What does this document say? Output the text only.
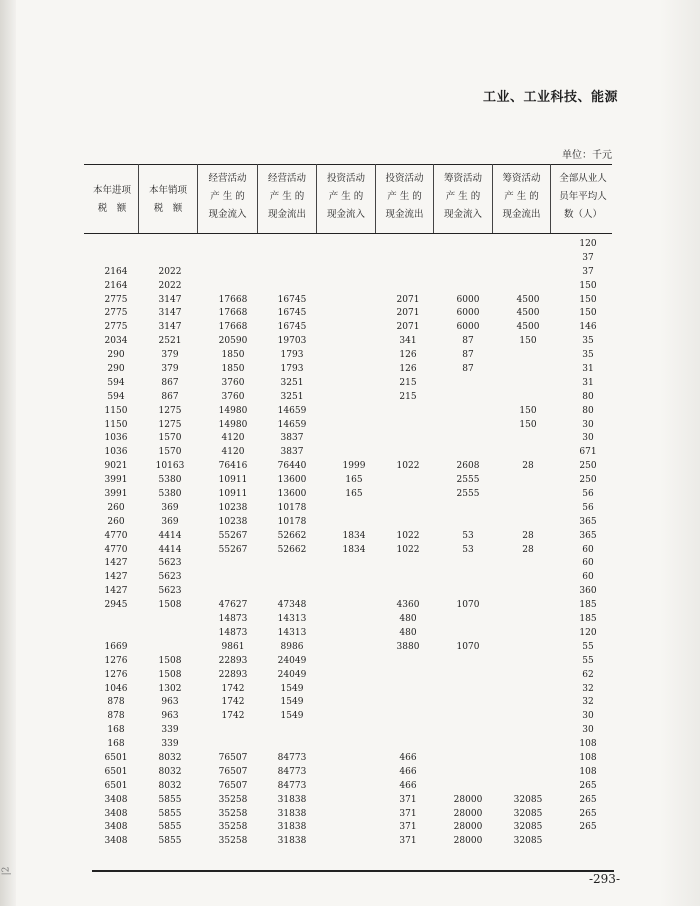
|2
工业、工业科技、能源
单位：千元
本年进项
税　额
本年销项
税　额
经营活动
产 生 的
现金流入
经营活动
产 生 的
现金流出
投资活动
产 生 的
现金流入
投资活动
产 生 的
现金流出
筹资活动
产 生 的
现金流入
筹资活动
产 生 的
现金流出
全部从业人
员年平均人
数（人）
2164
2164
2775
2775
2775
2034
290
290
594
594
1150
1150
1036
1036
9021
3991
3991
260
260
4770
4770
1427
1427
1427
2945
1669
1276
1276
1046
878
878
168
168
6501
6501
6501
3408
3408
3408
3408
2022
2022
3147
3147
3147
2521
379
379
867
867
1275
1275
1570
1570
10163
5380
5380
369
369
4414
4414
5623
5623
5623
1508
1508
1508
1302
963
963
339
339
8032
8032
8032
5855
5855
5855
5855
17668
17668
17668
20590
1850
1850
3760
3760
14980
14980
4120
4120
76416
10911
10911
10238
10238
55267
55267
47627
14873
14873
9861
22893
22893
1742
1742
1742
76507
76507
76507
35258
35258
35258
35258
16745
16745
16745
19703
1793
1793
3251
3251
14659
14659
3837
3837
76440
13600
13600
10178
10178
52662
52662
47348
14313
14313
8986
24049
24049
1549
1549
1549
84773
84773
84773
31838
31838
31838
31838
1999
165
165
1834
1834
2071
2071
2071
341
126
126
215
215
1022
1022
1022
4360
480
480
3880
466
466
466
371
371
371
371
6000
6000
6000
87
87
87
2608
2555
2555
53
53
1070
1070
28000
28000
28000
28000
4500
4500
4500
150
150
150
28
28
28
32085
32085
32085
32085
120
37
37
150
150
150
146
35
35
31
31
80
80
30
30
671
250
250
56
56
365
365
60
60
60
360
185
185
120
55
55
62
32
32
30
30
108
108
108
265
265
265
265
-293-
